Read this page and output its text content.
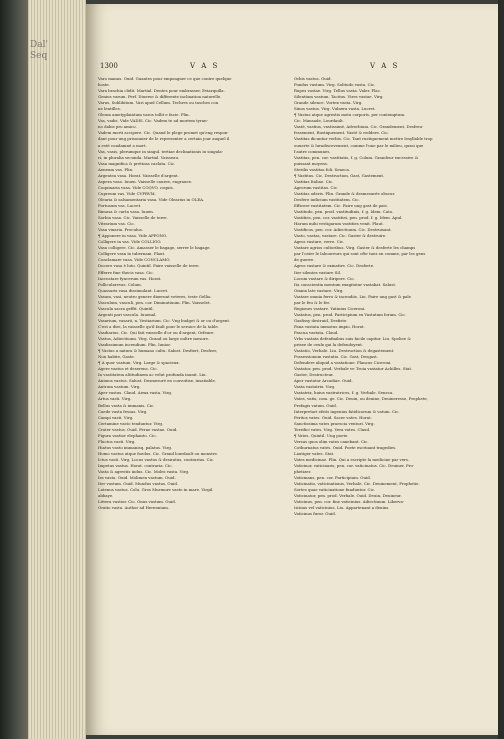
Dal' Seq
1300	V A S	V A S
Varo manus. Ouid. Guantes pour empongner ce que contre quelque
hoste.
Vara brachia clidit. Martial. Dentes pour embrasser, Eviarquilla.
Genius varum. Perf. Diuerse & differente inclination naturelle.
Varus, Sublibitum. Vari apud Cellum. Techres ou tasches con
ue lentilles.
Oleum ametyplaintum varos tollit e facie. Plin.
Vas, vadis. Vide VADIS. Cic. Vadem te ad mortem tyran-
no dabis pro amico.
Vadem morti accipere. Cic. Quand le plege promet qu'eng respon-
dant pour ung prisonnier de le representer a certain jour auquel il
a esté condamné a mort.
Vas, vasis, plerumque in singul. tertiae declinationis in singula-
ri, in pluralia secunda. Martial. Vaisseau.
Vasa magnifica & pretiosa caelata. Cic.
Aeneum vas. Plin.
Argentea vasa. Horat. Vaisselle d'argent.
Aspera vasa. Iuuen. Vaisselle cauree, engrauee.
Coquinaria vasa. Vide COQVO, coquis.
Cupreum vas. Vide CVPRVM.
Olearia & salsamentaria vasa. Vide Olearius in OLEA.
Portusum vas. Lucret.
Rimosa & curta vasa. Iuuen.
Sorbia vasa. Cic. Vaisselle de terre.
Vitrarium vas. Cic.
Vasa vinaria. Proculus.
¶ Apponere in vasa. Vide APPONO.
Colligere in vas. Vide COLLIGO.
Vasa colligere. Cic. Amasser le bagage, serrer le bagage.
Colligere vasa in tabernam. Plaut.
Conclamare vasa. Vide CONCLAMO.
Ducere vasa è luto. Quintil. Faire vaisselle de terre.
Efferre fine thecis vasa. Cic.
Incrustare fyncerum vas. Horat.
Pollicularevas. Colum.
Quassaris vasa dissimulant. Lucret.
Vasum, vasi, neutro genere dixerunt veteres, teste Gellio.
Vasculum, vasculi, pen. cor. Diminutiuum. Plin. Vaisselet.
Vascula sacra geffit. Quintil.
Argenti pari vascula. Iuuenal.
Vasarium, vasarii, n. Vestiarium. Cic. Vng budget & or ou d'argent.
C'est a dire, la vaisselle qu'il fault pour le seruice de la table.
Vasdiarius. Cic. Qui fait vaisselle d'or ou d'argent, Orfeure.
Vastus, Adiectiuum. Virg. Grand ou large oultre mesure.
Vasdissimum incendium. Plin. Iunior.
¶ Vastus a natura & humano cultu. Salust. Desfiert, Desfeer,
Non habite, Gaste.
¶ A quor vastum. Virg. Large & spacieux.
Agere vastus et deserens. Cic.
In vastitatem altitudinem ac velut profunda inunit. Liu.
Animus vastus. Salust. Desmesuré en couvoitise, insatiable.
Antrum vastum. Virg.
Aper vastus. Claud. Arma vasta. Virg.
Artus vasti. Virg.
Bellus vasta & immanis. Cic.
Caede vasta fessas. Virg.
Campi vasti. Virg.
Certamine vasto tenduntur. Virg.
Crater vastus. Ouid. Ferae vastae. Ouid.
Figura vastior elephanto. Cic.
Fluctus vasti. Virg.
Hiatus vasto immanisq. palatus. Virg.
Homo vastus atque foedus. Cic. Grand lourdault ou monstre.
Ictus vasti. Virg. Locus vastus & desiratus, contrarius. Cic.
Impetus vastus. Horat. contraria. Cic.
Vasta & agrestis indus. Cic. Moles vasta. Virg.
Ira vasta. Ouid. Molimen vastum. Ouid.
Iter vastum. Ouid. Mundus vastus. Ouid.
Latenus vastus. Colu. Gros Murmure vasto in mare. Virgil.
abbaye.
Littera vastior. Cic. Onus vastum. Ouid.
Oratio vasta. Author ad Herennium.
Orbis vastus. Ouid.
Pondus vastum. Virg. Solitudo vasta. Cic.
Rupes vastae. Virg. Tellus vasta. Valer. Flac.
Silentium vastum. Tacitus. Vires vastae. Virg.
Grande silence. Vortex vasta. Virg.
Sinus vastus. Virg. Vulnera vasta. Lucret.
¶ Vastus atque agrestis motu corporis, per contemptum.
Cic. Mansade, Lourdault.
Vasté, vastius, vastissimé, Adverbium. Cic. Grandement, Desfreu-
fessement, Rustiquement. Vasté & reddere. Cic.
Vastitas dicuntur verbis. Cic. Tant rustiquement mettre lesyllable trop
ouuerte & luradiscevement, comme l'une par le milieu, quasi que
l'autre communes.
Vastitas, pen. cor. vastitatis, f. g. Colum. Grandeur excessive &
puissant moyens.
Sterilis vastitas foli. Seneca.
¶ Vastitas. Cic. Destruction, Gast, Gastement.
Vastitas Italiae. Cic.
Agrorum vastitas. Cic.
Vastitas oderis. Plin. Grande & desmesurée obscur.
Desfere iudicium vastitatem. Cic.
Efficere vastitatem. Cic. Faire ung gast de pais.
Vastitudo, pen. prod. vastitudinis, f. g. Idem. Cato.
Vastities, pen. cor. vastitiei, pen. prod. f. g. Idem. Apul.
Harum mihi vestigarum vastities venit. Plaut.
Vastificus, pen. cor. Adiectiuum. Cic. Destruisant.
Vasto, vastas, vastare. Cic. Gaster & destruire.
Agros vastare, verre. Cic.
Vastare agrios cultoribus. Virg. Gaster & desferte les champs
par l'oster le laboureurs qui sont ofte tuez en comme, par les gens
de guerre.
Agros vastare & exinatire. Cic. Desferte.
Iter silentes vastare Sil.
Locum vastare & diripere. Cic.
Ita conscientia mentum exagitatur vastabat. Salust.
Omnia late vastare. Virg.
Vastare omnia ferro & incendiis. Liu. Faire ung gast & pale
par le feu & le fer.
Regiones vastare. Vatinius Ciceroni.
Vastatus, pen. prod. Participium ex Vastatum forum. Cic.
Gasfissy destruid, Desfiste.
Fana vastata immotus impio. Horat.
Pascua vastata. Claud.
Vrbs vastata defenfinibus suis facile capitur. Liu. Spoliee &
prisee de ceulx qui la defendoyent.
Vastatio, Verbale. Liu. Destruction & degastement.
Possessionum vastatio. Cic. Gast, Desgast.
Defendere aliquid a vastatione. Plancus Ciceroni.
Vastator, pen. prod. Verbale ve Troia vastator Achilles. Stat.
Gaster, Destructeur.
Aper vastator Arcadiae. Ouid.
Vasta vastatrix. Virg.
Vastatrix, huius vastratrices, f. g. Verbale. Seneca.
Vates, vatis, com. ge. Cic. Deuin, ou deuine, Deuineresse, Prophete,
Prefagis vatum. Ouid.
Interpretari efstis ingenius fatidicorum & vatum. Cic.
Peritos vates. Ouid. Sacer vates. Horat.
Sanctissima vates praescia venturi. Virg.
Terrifici vates. Virg. Vera vates. Claud.
¶ Vates. Quintil. Ung poete.
Versus quos olim vates canebant. Cic.
Cothurnatus vates. Ouid. Poete escriuant tragedies.
Lautiger vates. Stat.
Vates medicinae. Plin. Qui a escripte la medicine par vers.
Vaticinor, vaticinaris, pen. cor. vaticinatus. Cic. Deuiner, Pro-
phetizer.
Vaticinans, pen. cor. Participium. Ouid.
Vaticinatio, vaticinationis, Verbale. Cic. Deuinement, Prophetie.
Sortes quae vaticinatione funduntur. Cic.
Vaticinator, pen. prod. Verbale. Ouid. Deuin, Deuineur.
Vaticinus, pen. cor. fine vaticinius. Adiectiuum. Liberva-
ticinus vel vaticinius. Liu. Appartenant a deuins.
Vaticinus furor. Ouid.
